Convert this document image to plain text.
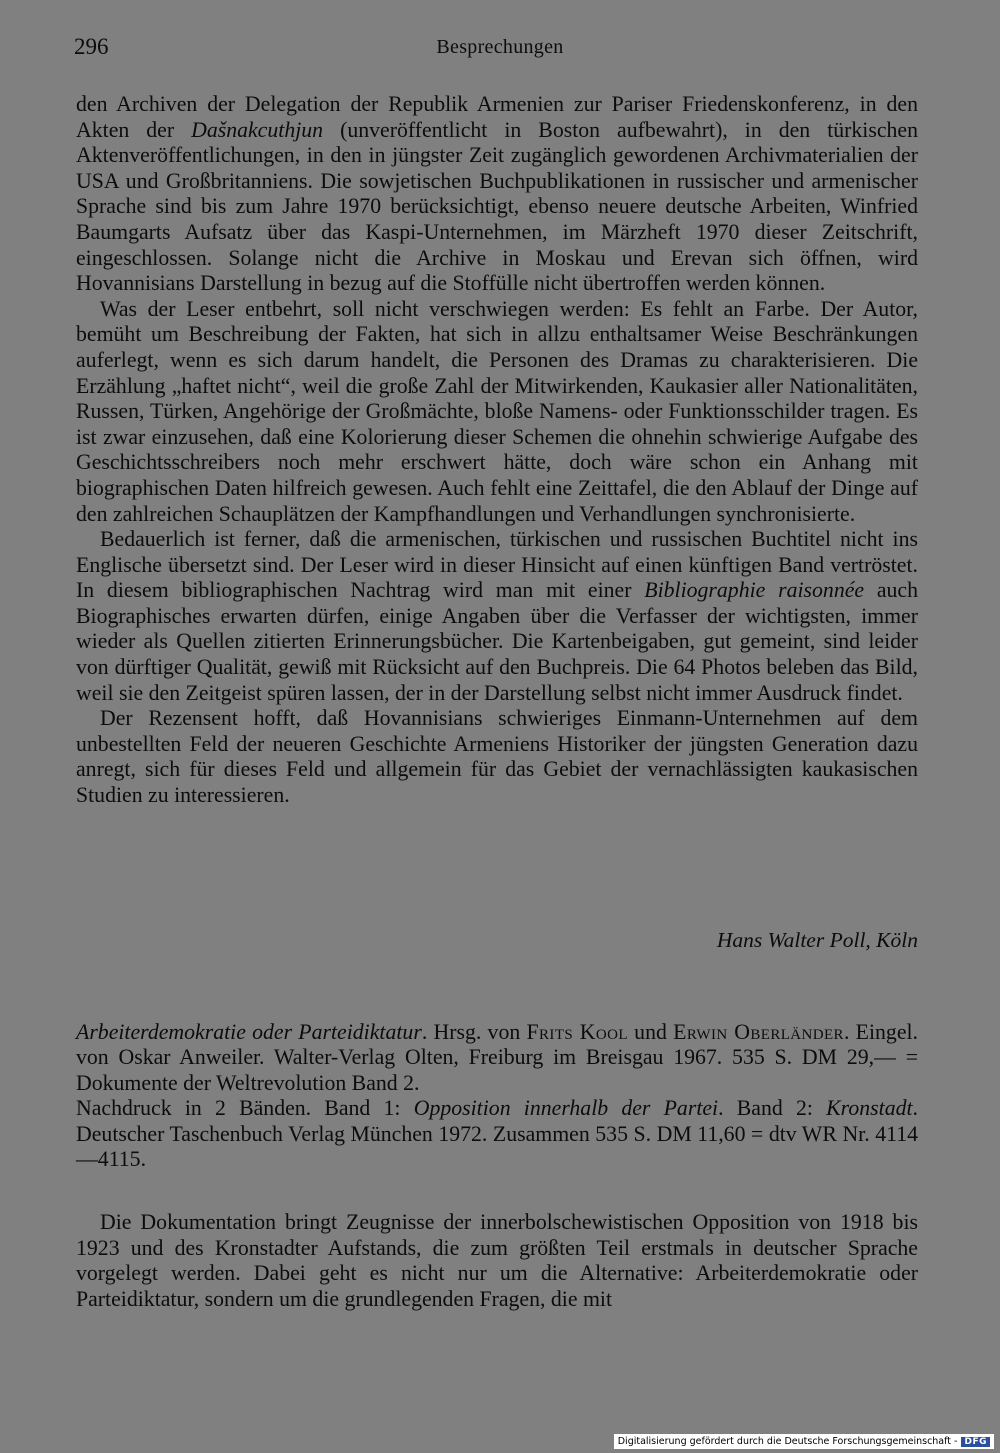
296	Besprechungen

den Archiven der Delegation der Republik Armenien zur Pariser Friedenskonferenz, in den Akten der Dašnakcuthjun (unveröffentlicht in Boston aufbewahrt), in den türkischen Aktenveröffentlichungen, in den in jüngster Zeit zugänglich gewordenen Archivmaterialien der USA und Großbritanniens. Die sowjetischen Buchpublikationen in russischer und armenischer Sprache sind bis zum Jahre 1970 berücksichtigt, ebenso neuere deutsche Arbeiten, Winfried Baumgarts Aufsatz über das Kaspi-Unternehmen, im Märzheft 1970 dieser Zeitschrift, eingeschlossen. Solange nicht die Archive in Moskau und Erevan sich öffnen, wird Hovannisians Darstellung in bezug auf die Stoffülle nicht übertroffen werden können.

Was der Leser entbehrt, soll nicht verschwiegen werden: Es fehlt an Farbe. Der Autor, bemüht um Beschreibung der Fakten, hat sich in allzu enthaltsamer Weise Beschränkungen auferlegt, wenn es sich darum handelt, die Personen des Dramas zu charakterisieren. Die Erzählung „haftet nicht“, weil die große Zahl der Mitwirkenden, Kaukasier aller Nationalitäten, Russen, Türken, Angehörige der Großmächte, bloße Namens- oder Funktionsschilder tragen. Es ist zwar einzusehen, daß eine Kolorierung dieser Schemen die ohnehin schwierige Aufgabe des Geschichtsschreibers noch mehr erschwert hätte, doch wäre schon ein Anhang mit biographischen Daten hilfreich gewesen. Auch fehlt eine Zeittafel, die den Ablauf der Dinge auf den zahlreichen Schauplätzen der Kampfhandlungen und Verhandlungen synchronisierte.

Bedauerlich ist ferner, daß die armenischen, türkischen und russischen Buchtitel nicht ins Englische übersetzt sind. Der Leser wird in dieser Hinsicht auf einen künftigen Band vertröstet. In diesem bibliographischen Nachtrag wird man mit einer Bibliographie raisonnée auch Biographisches erwarten dürfen, einige Angaben über die Verfasser der wichtigsten, immer wieder als Quellen zitierten Erinnerungsbücher. Die Kartenbeigaben, gut gemeint, sind leider von dürftiger Qualität, gewiß mit Rücksicht auf den Buchpreis. Die 64 Photos beleben das Bild, weil sie den Zeitgeist spüren lassen, der in der Darstellung selbst nicht immer Ausdruck findet.

Der Rezensent hofft, daß Hovannisians schwieriges Einmann-Unternehmen auf dem unbestellten Feld der neueren Geschichte Armeniens Historiker der jüngsten Generation dazu anregt, sich für dieses Feld und allgemein für das Gebiet der vernachlässigten kaukasischen Studien zu interessieren.

Hans Walter Poll, Köln

Arbeiterdemokratie oder Parteidiktatur. Hrsg. von Frits Kool und Erwin Oberländer. Eingel. von Oskar Anweiler. Walter-Verlag Olten, Freiburg im Breisgau 1967. 535 S. DM 29,— = Dokumente der Weltrevolution Band 2.

Nachdruck in 2 Bänden. Band 1: Opposition innerhalb der Partei. Band 2: Kronstadt. Deutscher Taschenbuch Verlag München 1972. Zusammen 535 S. DM 11,60 = dtv WR Nr. 4114—4115.

Die Dokumentation bringt Zeugnisse der innerbolschewistischen Opposition von 1918 bis 1923 und des Kronstadter Aufstands, die zum größten Teil erstmals in deutscher Sprache vorgelegt werden. Dabei geht es nicht nur um die Alternative: Arbeiterdemokratie oder Parteidiktatur, sondern um die grundlegenden Fragen, die mit

Digitalisierung gefördert durch die Deutsche Forschungsgemeinschaft - DFG
